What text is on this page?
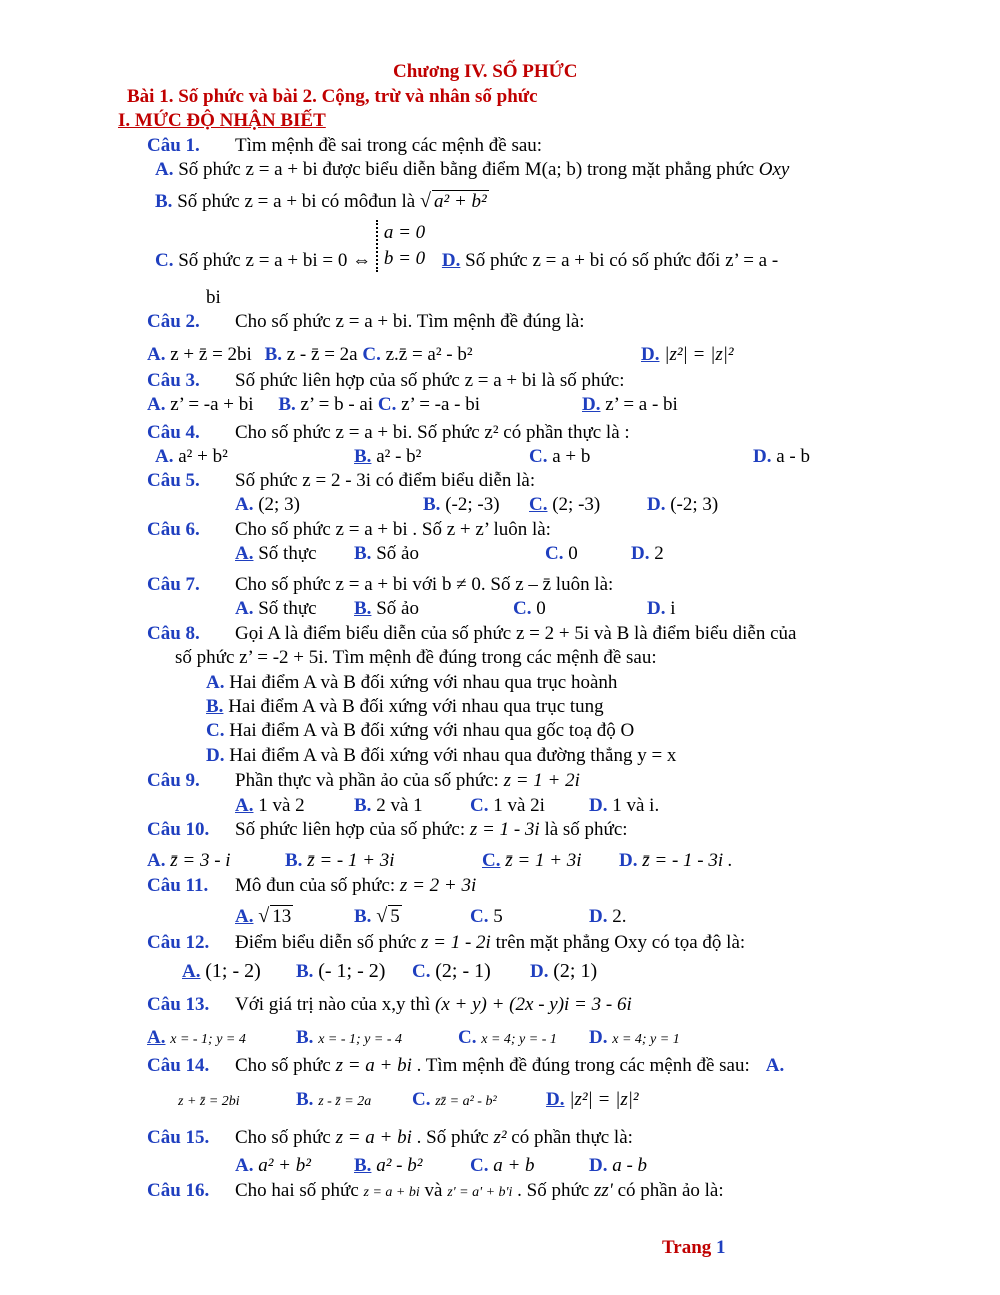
Chương IV. SỐ PHỨC
Bài 1. Số phức và bài 2. Cộng, trừ và nhân số phức
I. MỨC ĐỘ NHẬN BIẾT
Câu 1. Tìm mệnh đề sai trong các mệnh đề sau:
A. Số phức z = a + bi được biểu diễn bằng điểm M(a; b) trong mặt phẳng phức Oxy
B. Số phức z = a + bi có môđun là √ a² + b²
C. Số phức z = a + bi = 0 ⇔ a = 0
b = 0 D. Số phức z = a + bi có số phức đối z’ = a -
bi
Câu 2. Cho số phức z = a + bi. Tìm mệnh đề đúng là:
A. z + z̄ = 2bi B. z - z̄ = 2a C. z.z̄ = a² - b²	D. |z²| = |z|²
Câu 3. Số phức liên hợp của số phức z = a + bi là số phức:
A. z’ = -a + bi B. z’ = b - ai C. z’ = -a - bi	D. z’ = a - bi
Câu 4. Cho số phức z = a + bi. Số phức z² có phần thực là :
A. a² + b²	B. a² - b²	C. a + b	D. a - b
Câu 5. Số phức z = 2 - 3i có điểm biểu diễn là:
A. (2; 3)	B. (-2; -3) C. (2; -3) D. (-2; 3)
Câu 6. Cho số phức z = a + bi . Số z + z’ luôn là:
A. Số thực B. Số ảo	C. 0	D. 2
Câu 7. Cho số phức z = a + bi với b ≠ 0. Số z – z̄ luôn là:
A. Số thực B. Số ảo	C. 0	D. i
Câu 8. Gọi A là điểm biểu diễn của số phức z = 2 + 5i và B là điểm biểu diễn của
số phức z’ = -2 + 5i. Tìm mệnh đề đúng trong các mệnh đề sau:
A. Hai điểm A và B đối xứng với nhau qua trục hoành
B. Hai điểm A và B đối xứng với nhau qua trục tung
C. Hai điểm A và B đối xứng với nhau qua gốc toạ độ O
D. Hai điểm A và B đối xứng với nhau qua đường thẳng y = x
Câu 9. Phần thực và phần ảo của số phức: z = 1 + 2i
A. 1 và 2	B. 2 và 1 C. 1 và 2i D. 1 và i.
Câu 10. Số phức liên hợp của số phức: z = 1 - 3i là số phức:
A. z̄ = 3 - i	B. z̄ = - 1 + 3i	C. z̄ = 1 + 3i D. z̄ = - 1 - 3i .
Câu 11. Mô đun của số phức: z = 2 + 3i
A. √ 13	B. √ 5	C. 5	D. 2.
Câu 12. Điểm biểu diễn số phức z = 1 - 2i trên mặt phẳng Oxy có tọa độ là:
A. (1; - 2) B. (- 1; - 2) C. (2; - 1) D. (2; 1)
Câu 13. Với giá trị nào của x,y thì (x + y) + (2x - y)i = 3 - 6i
A. x = - 1; y = 4	B. x = - 1; y = - 4	C. x = 4; y = - 1 D. x = 4; y = 1
Câu 14. Cho số phức z = a + bi . Tìm mệnh đề đúng trong các mệnh đề sau: A.
z + z̄ = 2bi	B. z - z̄ = 2a C. zz̄ = a² - b²	D. |z²| = |z|²
Câu 15. Cho số phức z = a + bi . Số phức z² có phần thực là:
A. a² + b² B. a² - b²	C. a + b	D. a - b
Câu 16. Cho hai số phức z = a + bi và z' = a' + b'i . Số phức zz' có phần ảo là:
Trang 1
